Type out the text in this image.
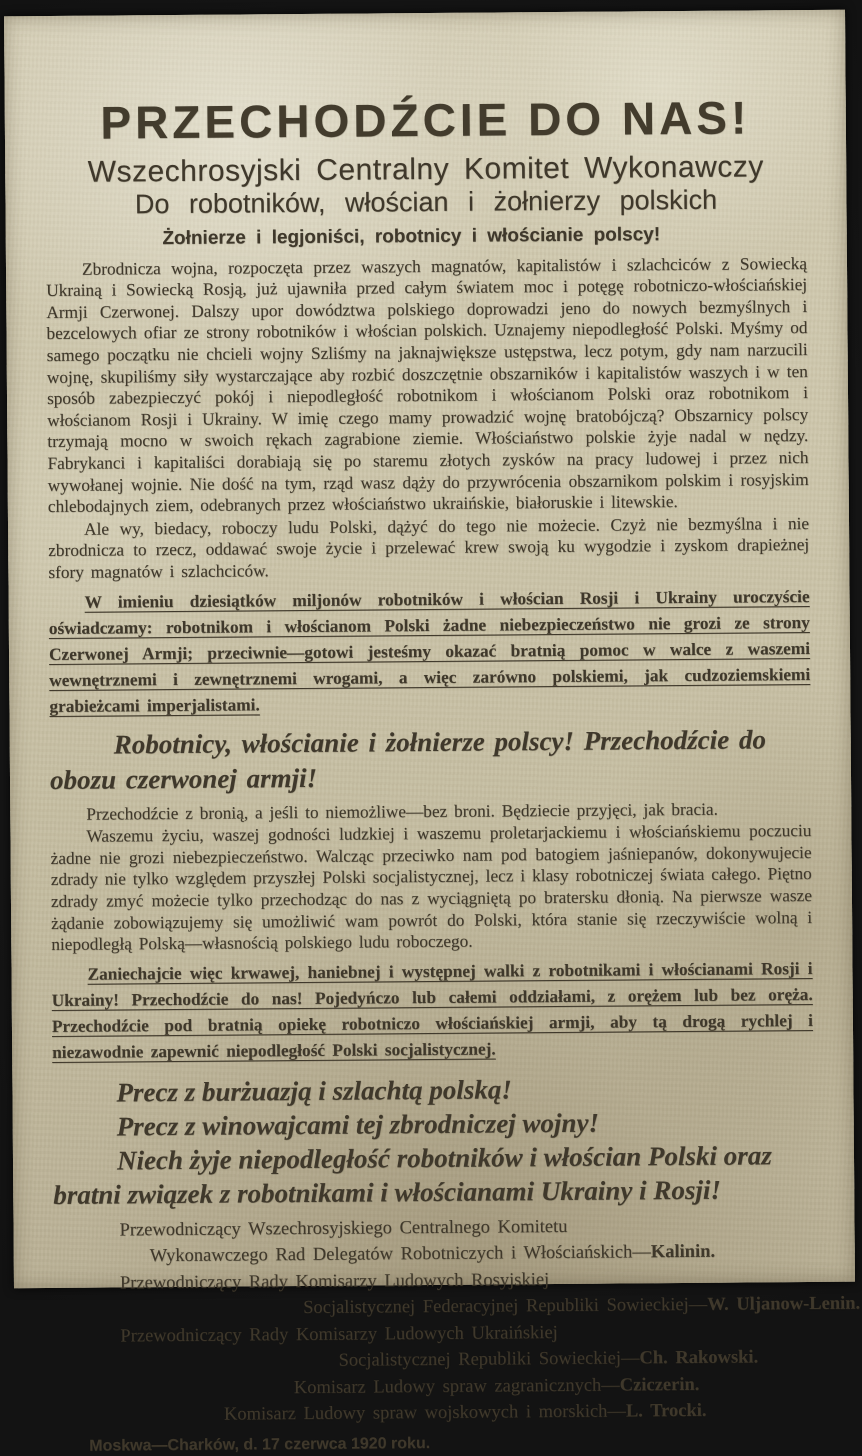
PRZECHODŹCIE DO NAS!
Wszechrosyjski Centralny Komitet Wykonawczy
Do robotników, włościan i żołnierzy polskich
Żołnierze i legjoniści, robotnicy i włościanie polscy!

Zbrodnicza wojna, rozpoczęta przez waszych magnatów, kapitalistów i szlachciców z Sowiecką Ukrainą i Sowiecką Rosją, już ujawniła przed całym światem moc i potęgę robotniczo-włościańskiej Armji Czerwonej. Dalszy upor dowództwa polskiego doprowadzi jeno do nowych bezmyślnych i bezcelowych ofiar ze strony robotników i włościan polskich. Uznajemy niepodległość Polski. Myśmy od samego początku nie chcieli wojny Szliśmy na jaknajwiększe ustępstwa, lecz potym, gdy nam narzucili wojnę, skupiliśmy siły wystarczające aby rozbić doszczętnie obszarników i kapitalistów waszych i w ten sposób zabezpieczyć pokój i niepodległość robotnikom i włościanom Polski oraz robotnikom i włościanom Rosji i Ukrainy. W imię czego mamy prowadzić wojnę bratobójczą? Obszarnicy polscy trzymają mocno w swoich rękach zagrabione ziemie. Włościaństwo polskie żyje nadal w nędzy. Fabrykanci i kapitaliści dorabiają się po staremu złotych zysków na pracy ludowej i przez nich wywołanej wojnie. Nie dość na tym, rząd wasz dąży do przywrócenia obszarnikom polskim i rosyjskim chlebodajnych ziem, odebranych przez włościaństwo ukraińskie, białoruskie i litewskie.

Ale wy, biedacy, roboczy ludu Polski, dążyć do tego nie możecie. Czyż nie bezmyślna i nie zbrodnicza to rzecz, oddawać swoje życie i przelewać krew swoją ku wygodzie i zyskom drapieżnej sfory magnatów i szlachciców.

W imieniu dziesiątków miljonów robotników i włościan Rosji i Ukrainy uroczyście oświadczamy: robotnikom i włościanom Polski żadne niebezpieczeństwo nie grozi ze strony Czerwonej Armji; przeciwnie—gotowi jesteśmy okazać bratnią pomoc w walce z waszemi wewnętrznemi i zewnętrznemi wrogami, a więc zarówno polskiemi, jak cudzoziemskiemi grabieżcami imperjalistami.

Robotnicy, włościanie i żołnierze polscy! Przechodźcie do obozu czerwonej armji!

Przechodźcie z bronią, a jeśli to niemożliwe—bez broni. Będziecie przyjęci, jak bracia.

Waszemu życiu, waszej godności ludzkiej i waszemu proletarjackiemu i włościańskiemu poczuciu żadne nie grozi niebezpieczeństwo. Walcząc przeciwko nam pod batogiem jaśniepanów, dokonywujecie zdrady nie tylko względem przyszłej Polski socjalistycznej, lecz i klasy robotniczej świata całego. Piętno zdrady zmyć możecie tylko przechodząc do nas z wyciągniętą po bratersku dłonią. Na pierwsze wasze żądanie zobowiązujemy się umożliwić wam powrót do Polski, która stanie się rzeczywiście wolną i niepodległą Polską—własnością polskiego ludu roboczego.

Zaniechajcie więc krwawej, haniebnej i występnej walki z robotnikami i włościanami Rosji i Ukrainy! Przechodźcie do nas! Pojedyńczo lub całemi oddziałami, z orężem lub bez oręża. Przechodźcie pod bratnią opiekę robotniczo włościańskiej armji, aby tą drogą rychlej i niezawodnie zapewnić niepodległość Polski socjalistycznej.

Precz z burżuazją i szlachtą polską!
Precz z winowajcami tej zbrodniczej wojny!
Niech żyje niepodległość robotników i włościan Polski oraz bratni związek z robotnikami i włościanami Ukrainy i Rosji!
Przewodniczący Wszechrosyjskiego Centralnego Komitetu
Wykonawczego Rad Delegatów Robotniczych i Włościańskich—Kalinin.
Przewodniczący Rady Komisarzy Ludowych Rosyjskiej
Socjalistycznej Federacyjnej Republiki Sowieckiej—W. Uljanow-Lenin.
Przewodniczący Rady Komisarzy Ludowych Ukraińskiej
Socjalistycznej Republiki Sowieckiej—Ch. Rakowski.
Komisarz Ludowy spraw zagranicznych—Cziczerin.
Komisarz Ludowy spraw wojskowych i morskich—L. Trocki.
Moskwa—Charków, d. 17 czerwca 1920 roku.
